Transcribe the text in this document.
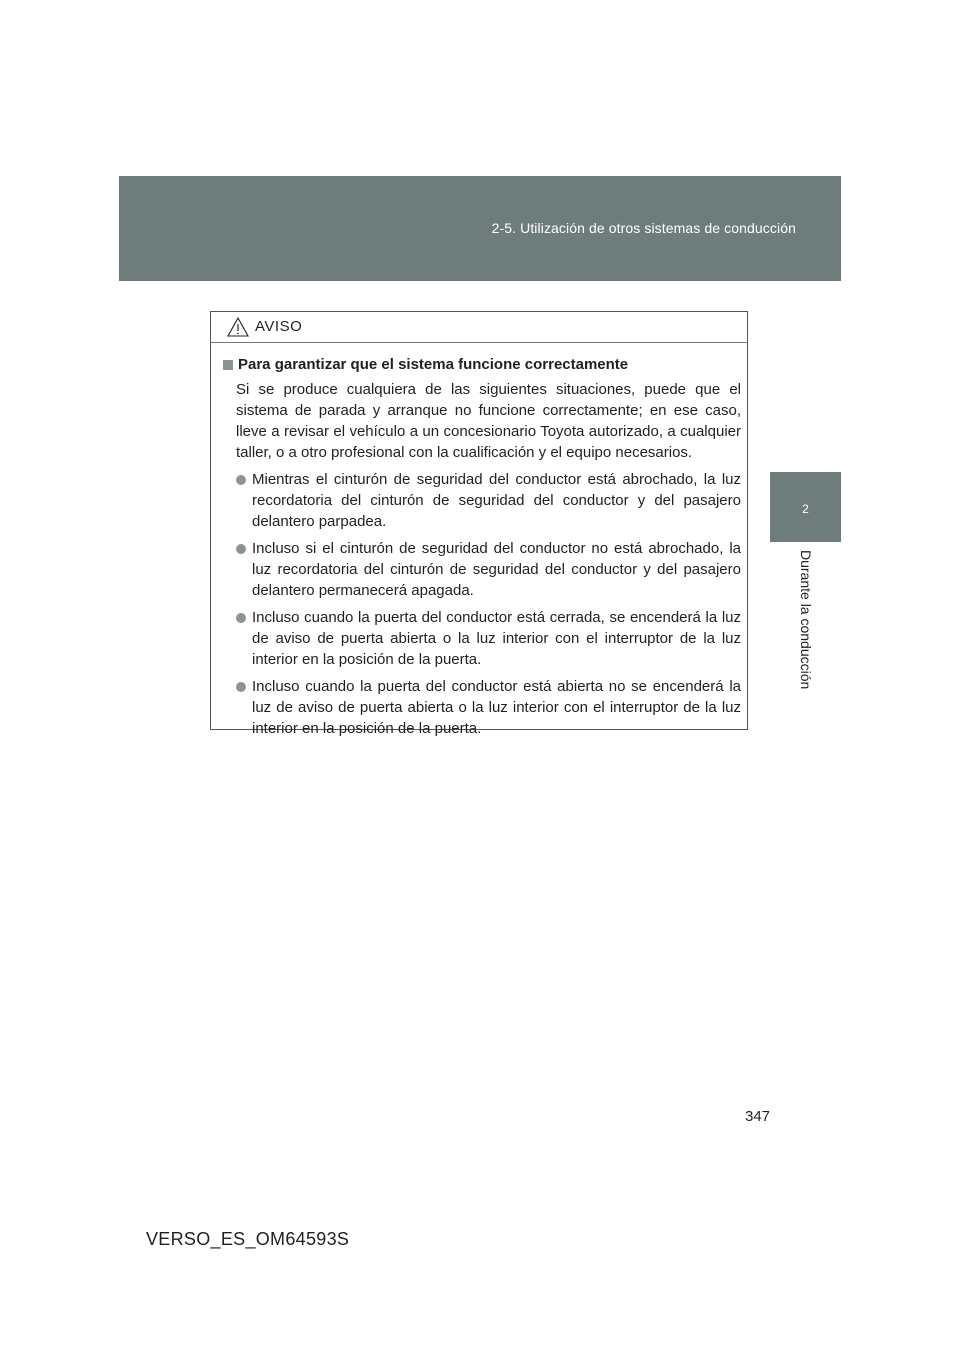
2-5. Utilización de otros sistemas de conducción
2
Durante la conducción
AVISO
Para garantizar que el sistema funcione correctamente
Si se produce cualquiera de las siguientes situaciones, puede que el sistema de parada y arranque no funcione correctamente; en ese caso, lleve a revisar el vehículo a un concesionario Toyota autorizado, a cualquier taller, o a otro profesional con la cualificación y el equipo necesarios.
Mientras el cinturón de seguridad del conductor está abrochado, la luz recordatoria del cinturón de seguridad del conductor y del pasajero delantero parpadea.
Incluso si el cinturón de seguridad del conductor no está abrochado, la luz recordatoria del cinturón de seguridad del conductor y del pasajero delantero permanecerá apagada.
Incluso cuando la puerta del conductor está cerrada, se encenderá la luz de aviso de puerta abierta o la luz interior con el interruptor de la luz interior en la posición de la puerta.
Incluso cuando la puerta del conductor está abierta no se encenderá la luz de aviso de puerta abierta o la luz interior con el interruptor de la luz interior en la posición de la puerta.
347
VERSO_ES_OM64593S
